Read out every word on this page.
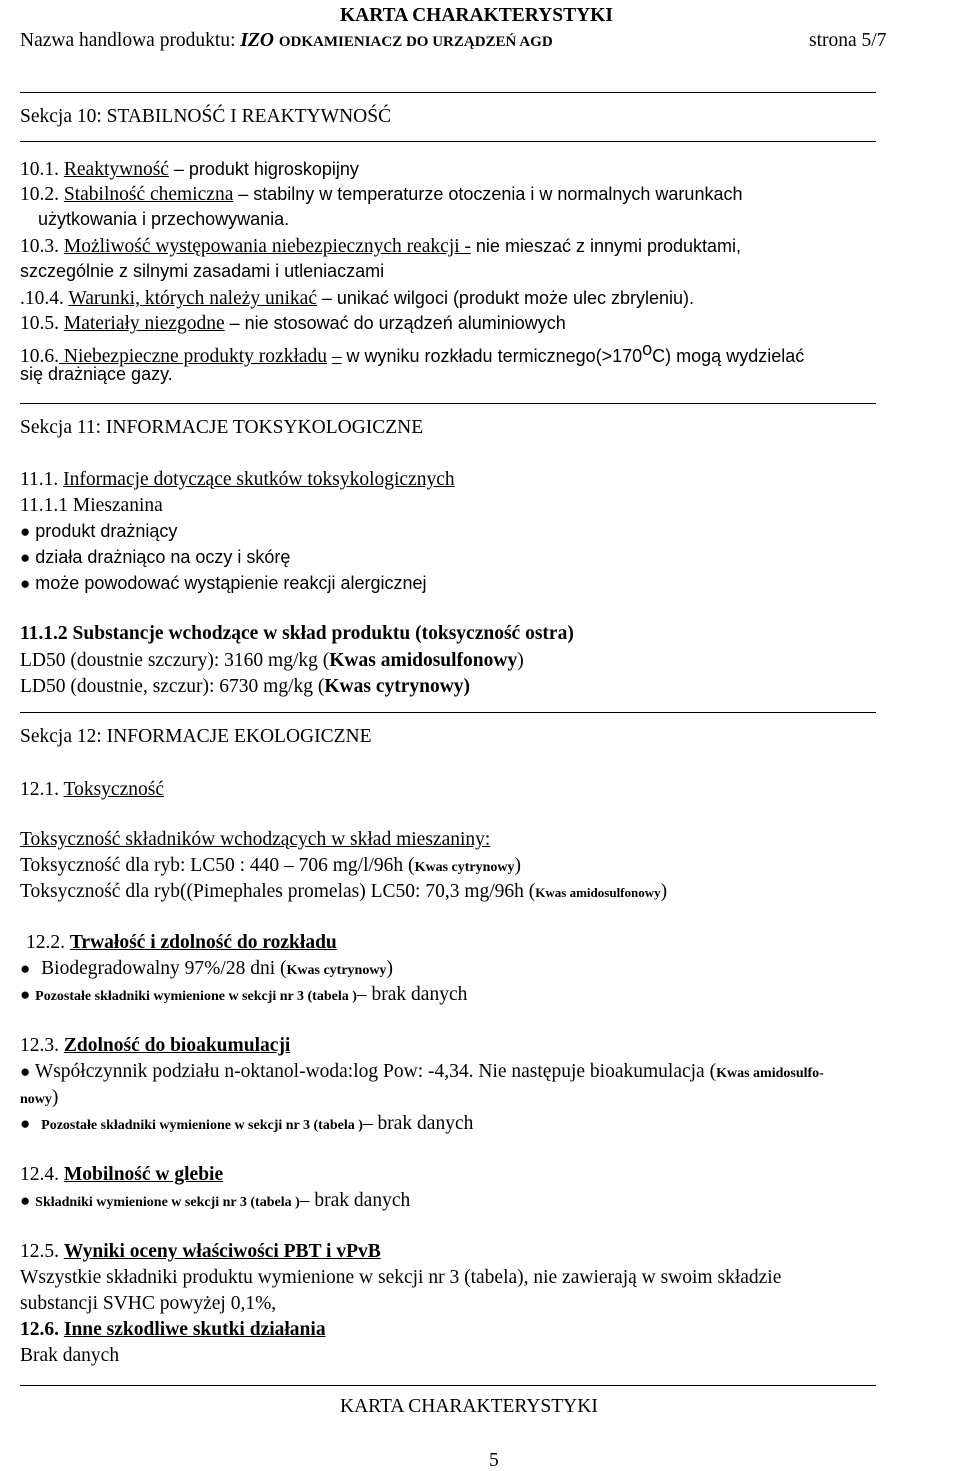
KARTA CHARAKTERYSTYKI
Nazwa handlowa produktu: IZO ODKAMIENIACZ DO URZĄDZEŃ AGD	strona 5/7
Sekcja 10: STABILNOŚĆ I REAKTYWNOŚĆ
10.1. Reaktywność – produkt higroskopijny
10.2. Stabilność chemiczna – stabilny w temperaturze otoczenia i w normalnych warunkach
użytkowania i przechowywania.
10.3. Możliwość występowania niebezpiecznych reakcji - nie mieszać z innymi produktami,
szczególnie z silnymi zasadami i utleniaczami
.10.4. Warunki, których należy unikać – unikać wilgoci (produkt może ulec zbryleniu).
10.5. Materiały niezgodne – nie stosować do urządzeń aluminiowych
10.6. Niebezpieczne produkty rozkładu – w wyniku rozkładu $termicznego(>170^oC)$ mogą wydzielać
się drażniące gazy.
Sekcja 11: INFORMACJE TOKSYKOLOGICZNE
11.1. Informacje dotyczące skutków toksykologicznych
11.1.1 Mieszanina
● produkt drażniący
● działa drażniąco na oczy i skórę
● może powodować wystąpienie reakcji alergicznej
11.1.2 Substancje wchodzące w skład produktu (toksyczność ostra)
LD50 (doustnie szczury): 3160 mg/kg (Kwas amidosulfonowy)
LD50 (doustnie, szczur): 6730 mg/kg (Kwas cytrynowy)
Sekcja 12: INFORMACJE EKOLOGICZNE
12.1. Toksyczność
Toksyczność składników wchodzących w skład mieszaniny:
Toksyczność dla ryb: LC50 : 440 – 706 mg/l/96h (Kwas cytrynowy)
Toksyczność dla ryb((Pimephales promelas) LC50: 70,3 mg/96h (Kwas amidosulfonowy)
12.2. Trwałość i zdolność do rozkładu
● Biodegradowalny 97%/28 dni (Kwas cytrynowy)
● Pozostałe składniki wymienione w sekcji nr 3 (tabela )– brak danych
12.3. Zdolność do bioakumulacji
● Współczynnik podziału n-oktanol-woda:log Pow: -4,34. Nie następuje bioakumulacja (Kwas amidosulfo-
nowy)
● Pozostałe składniki wymienione w sekcji nr 3 (tabela )– brak danych
12.4. Mobilność w glebie
● Składniki wymienione w sekcji nr 3 (tabela )– brak danych
12.5. Wyniki oceny właściwości PBT i vPvB
Wszystkie składniki produktu wymienione w sekcji nr 3 (tabela), nie zawierają w swoim składzie
substancji SVHC powyżej 0,1%,
12.6. Inne szkodliwe skutki działania
Brak danych
KARTA CHARAKTERYSTYKI
5
